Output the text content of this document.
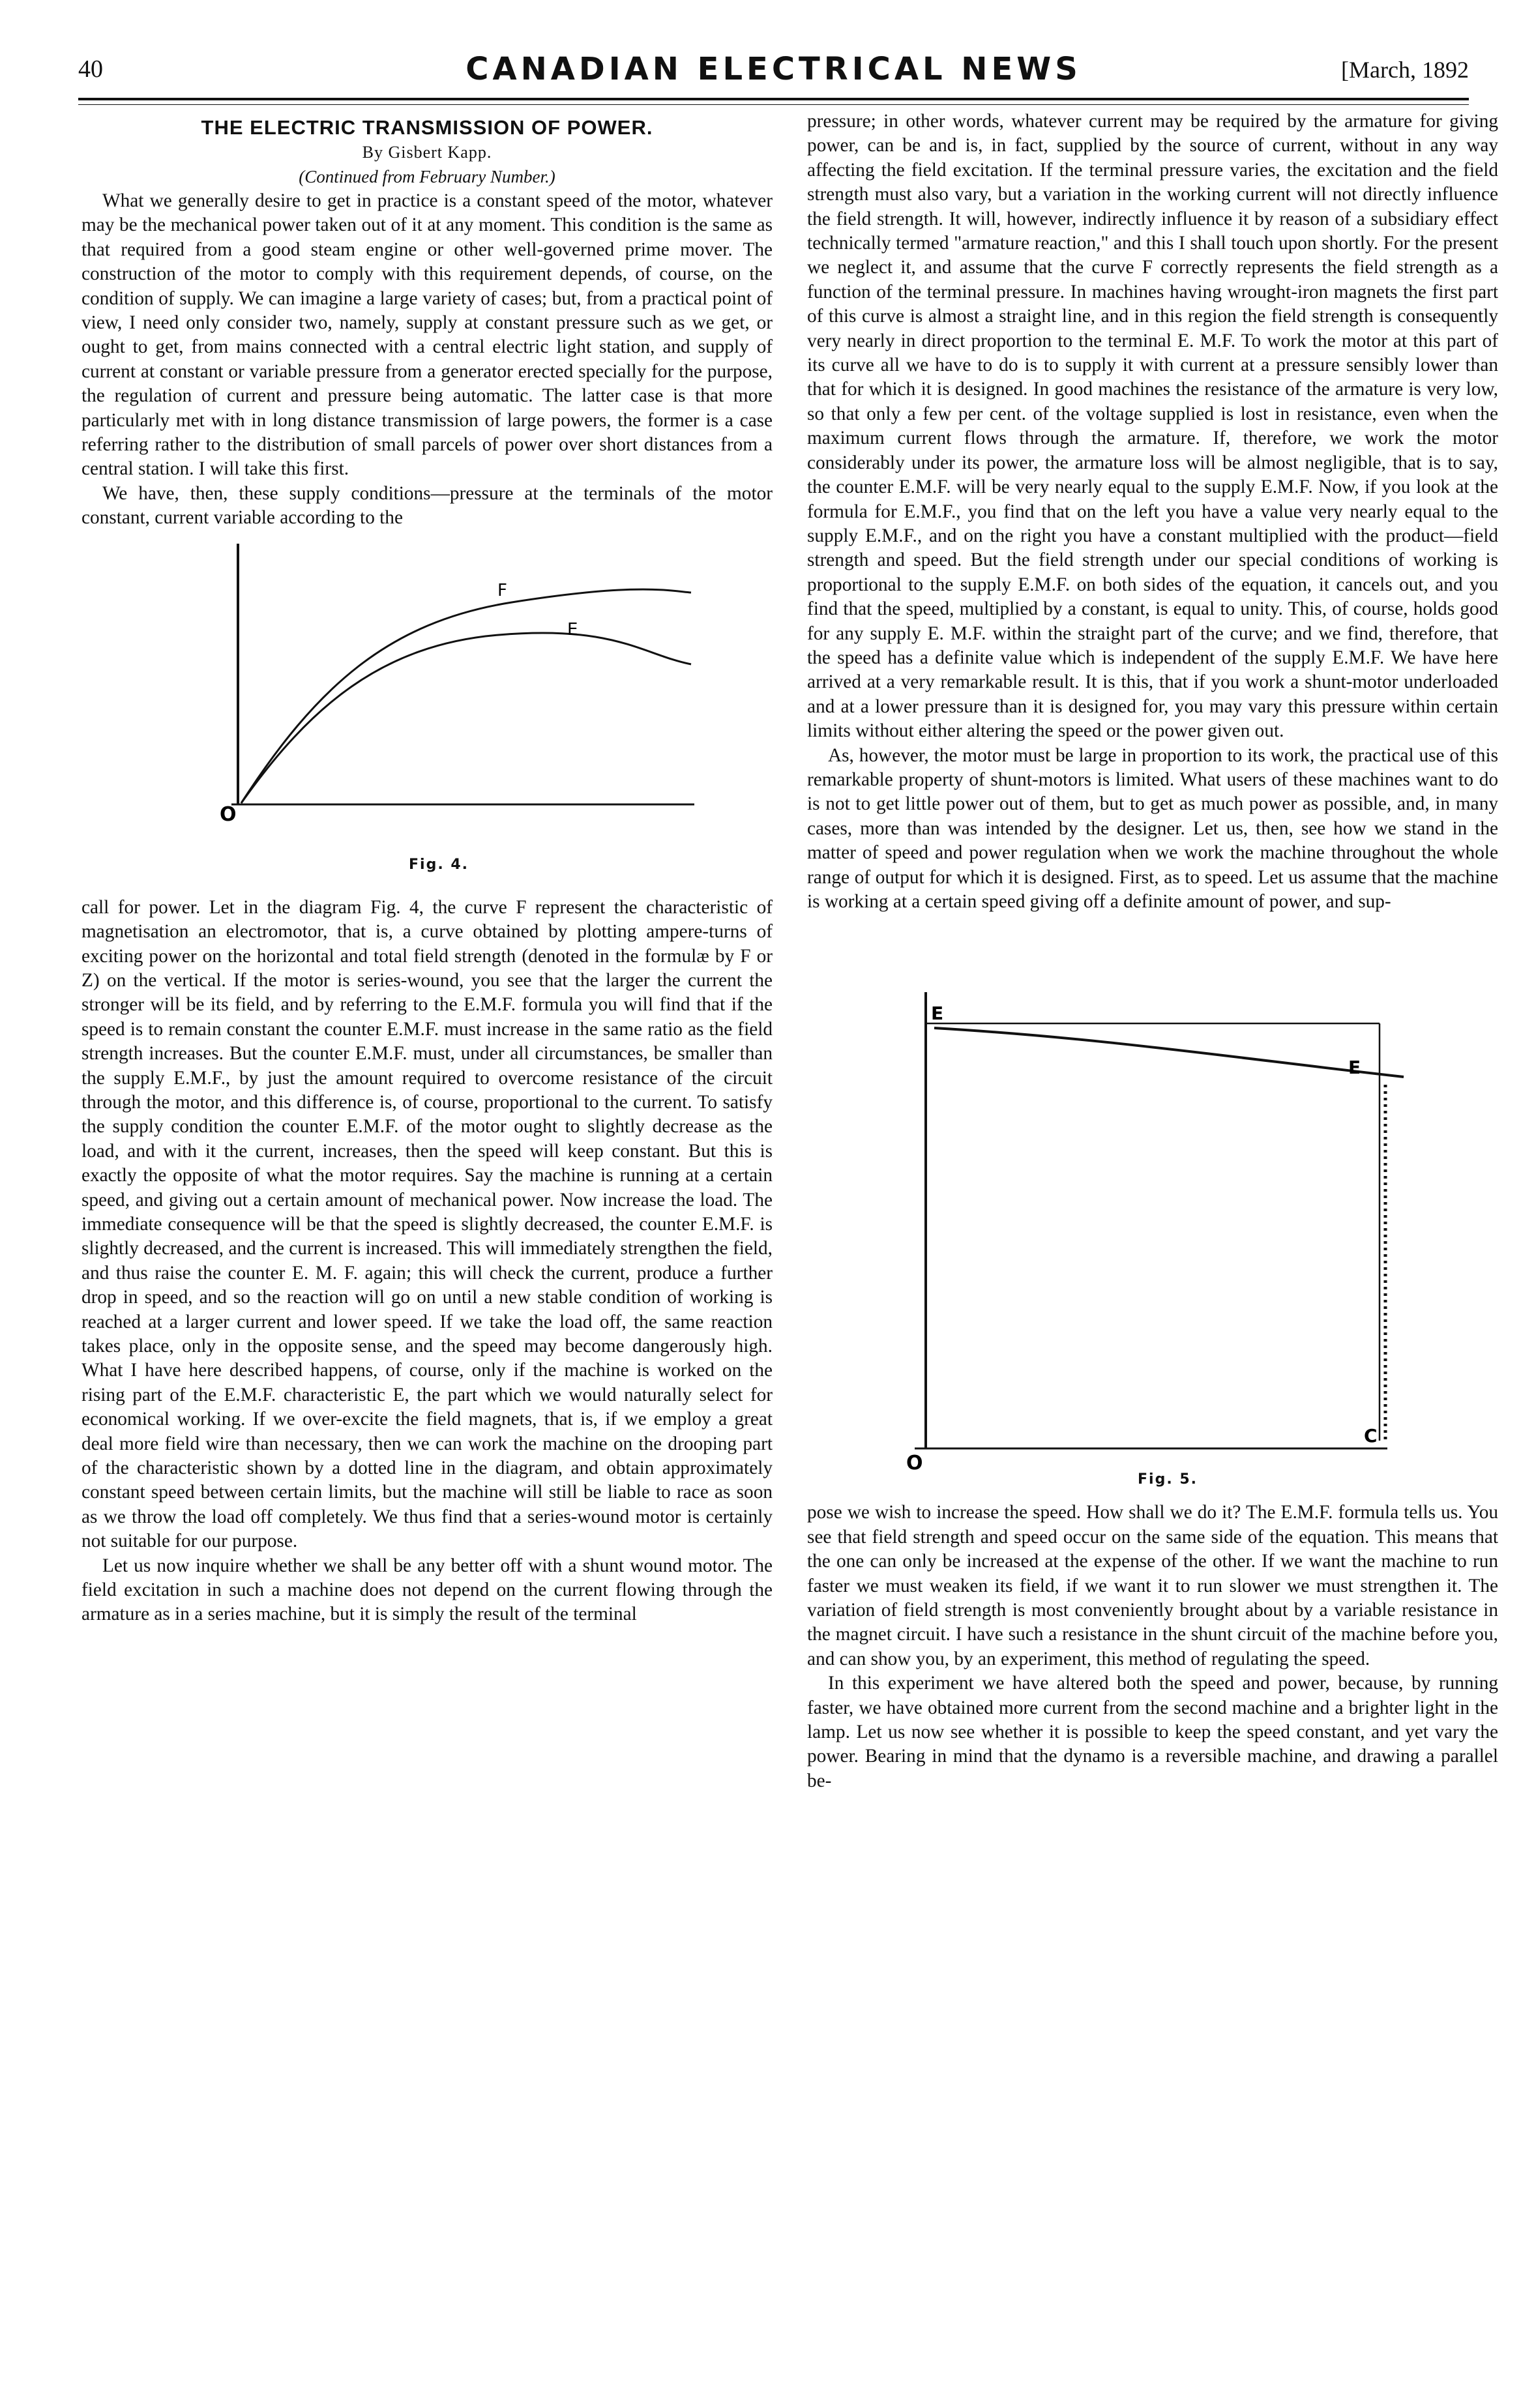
40	CANADIAN ELECTRICAL NEWS	[March, 1892
THE ELECTRIC TRANSMISSION OF POWER.
By Gisbert Kapp.
(Continued from February Number.)

What we generally desire to get in practice is a constant speed of the motor, whatever may be the mechanical power taken out of it at any moment. This condition is the same as that required from a good steam engine or other well-governed prime mover. The construction of the motor to comply with this requirement depends, of course, on the condition of supply. We can imagine a large variety of cases; but, from a practical point of view, I need only consider two, namely, supply at constant pressure such as we get, or ought to get, from mains connected with a central electric light station, and supply of current at constant or variable pressure from a generator erected specially for the purpose, the regulation of current and pressure being automatic. The latter case is that more particularly met with in long distance transmission of large powers, the former is a case referring rather to the distribution of small parcels of power over short distances from a central station. I will take this first.

We have, then, these supply conditions—pressure at the terminals of the motor constant, current variable according to the

O
F
E
Fig. 4.

call for power. Let in the diagram Fig. 4, the curve F represent the characteristic of magnetisation an electromotor, that is, a curve obtained by plotting ampere-turns of exciting power on the horizontal and total field strength (denoted in the formulæ by F or Z) on the vertical. If the motor is series-wound, you see that the larger the current the stronger will be its field, and by referring to the E.M.F. formula you will find that if the speed is to remain constant the counter E.M.F. must increase in the same ratio as the field strength increases. But the counter E.M.F. must, under all circumstances, be smaller than the supply E.M.F., by just the amount required to overcome resistance of the circuit through the motor, and this difference is, of course, proportional to the current. To satisfy the supply condition the counter E.M.F. of the motor ought to slightly decrease as the load, and with it the current, increases, then the speed will keep constant. But this is exactly the opposite of what the motor requires. Say the machine is running at a certain speed, and giving out a certain amount of mechanical power. Now increase the load. The immediate consequence will be that the speed is slightly decreased, the counter E.M.F. is slightly decreased, and the current is increased. This will immediately strengthen the field, and thus raise the counter E. M. F. again; this will check the current, produce a further drop in speed, and so the reaction will go on until a new stable condition of working is reached at a larger current and lower speed. If we take the load off, the same reaction takes place, only in the opposite sense, and the speed may become dangerously high. What I have here described happens, of course, only if the machine is worked on the rising part of the E.M.F. characteristic E, the part which we would naturally select for economical working. If we over-excite the field magnets, that is, if we employ a great deal more field wire than necessary, then we can work the machine on the drooping part of the characteristic shown by a dotted line in the diagram, and obtain approximately constant speed between certain limits, but the machine will still be liable to race as soon as we throw the load off completely. We thus find that a series-wound motor is certainly not suitable for our purpose.

Let us now inquire whether we shall be any better off with a shunt wound motor. The field excitation in such a machine does not depend on the current flowing through the armature as in a series machine, but it is simply the result of the terminal

pressure; in other words, whatever current may be required by the armature for giving power, can be and is, in fact, supplied by the source of current, without in any way affecting the field excitation. If the terminal pressure varies, the excitation and the field strength must also vary, but a variation in the working current will not directly influence the field strength. It will, however, indirectly influence it by reason of a subsidiary effect technically termed "armature reaction," and this I shall touch upon shortly. For the present we neglect it, and assume that the curve F correctly represents the field strength as a function of the terminal pressure. In machines having wrought-iron magnets the first part of this curve is almost a straight line, and in this region the field strength is consequently very nearly in direct proportion to the terminal E. M.F. To work the motor at this part of its curve all we have to do is to supply it with current at a pressure sensibly lower than that for which it is designed. In good machines the resistance of the armature is very low, so that only a few per cent. of the voltage supplied is lost in resistance, even when the maximum current flows through the armature. If, therefore, we work the motor considerably under its power, the armature loss will be almost negligible, that is to say, the counter E.M.F. will be very nearly equal to the supply E.M.F. Now, if you look at the formula for E.M.F., you find that on the left you have a value very nearly equal to the supply E.M.F., and on the right you have a constant multiplied with the product—field strength and speed. But the field strength under our special conditions of working is proportional to the supply E.M.F. on both sides of the equation, it cancels out, and you find that the speed, multiplied by a constant, is equal to unity. This, of course, holds good for any supply E. M.F. within the straight part of the curve; and we find, therefore, that the speed has a definite value which is independent of the supply E.M.F. We have here arrived at a very remarkable result. It is this, that if you work a shunt-motor underloaded and at a lower pressure than it is designed for, you may vary this pressure within certain limits without either altering the speed or the power given out.

As, however, the motor must be large in proportion to its work, the practical use of this remarkable property of shunt-motors is limited. What users of these machines want to do is not to get little power out of them, but to get as much power as possible, and, in many cases, more than was intended by the designer. Let us, then, see how we stand in the matter of speed and power regulation when we work the machine throughout the whole range of output for which it is designed. First, as to speed. Let us assume that the machine is working at a certain speed giving off a definite amount of power, and sup-

E
E
C
O
Fig. 5.

pose we wish to increase the speed. How shall we do it? The E.M.F. formula tells us. You see that field strength and speed occur on the same side of the equation. This means that the one can only be increased at the expense of the other. If we want the machine to run faster we must weaken its field, if we want it to run slower we must strengthen it. The variation of field strength is most conveniently brought about by a variable resistance in the magnet circuit. I have such a resistance in the shunt circuit of the machine before you, and can show you, by an experiment, this method of regulating the speed.

In this experiment we have altered both the speed and power, because, by running faster, we have obtained more current from the second machine and a brighter light in the lamp. Let us now see whether it is possible to keep the speed constant, and yet vary the power. Bearing in mind that the dynamo is a reversible machine, and drawing a parallel be-
